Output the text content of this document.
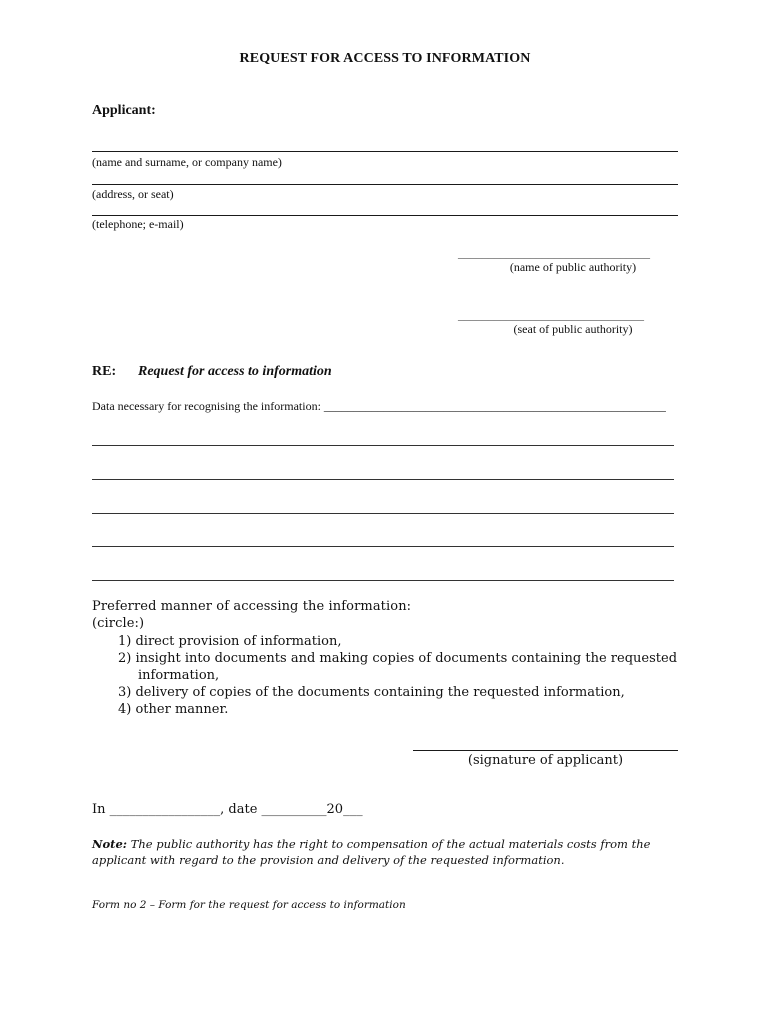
REQUEST FOR ACCESS TO INFORMATION
Applicant:
(name and surname, or company name)
(address, or seat)
(telephone; e-mail)
________________________________
(name of public authority)
_______________________________
(seat of public authority)
RE: Request for access to information
Data necessary for recognising the information: _________________________________________________________
Preferred manner of accessing the information:
(circle:)
1) direct provision of information,
2) insight into documents and making copies of documents containing the requested
information,
3) delivery of copies of the documents containing the requested information,
4) other manner.
(signature of applicant)
In _________________, date __________20___
Note: The public authority has the right to compensation of the actual materials costs from the applicant with regard to the provision and delivery of the requested information.
Form no 2 – Form for the request for access to information
